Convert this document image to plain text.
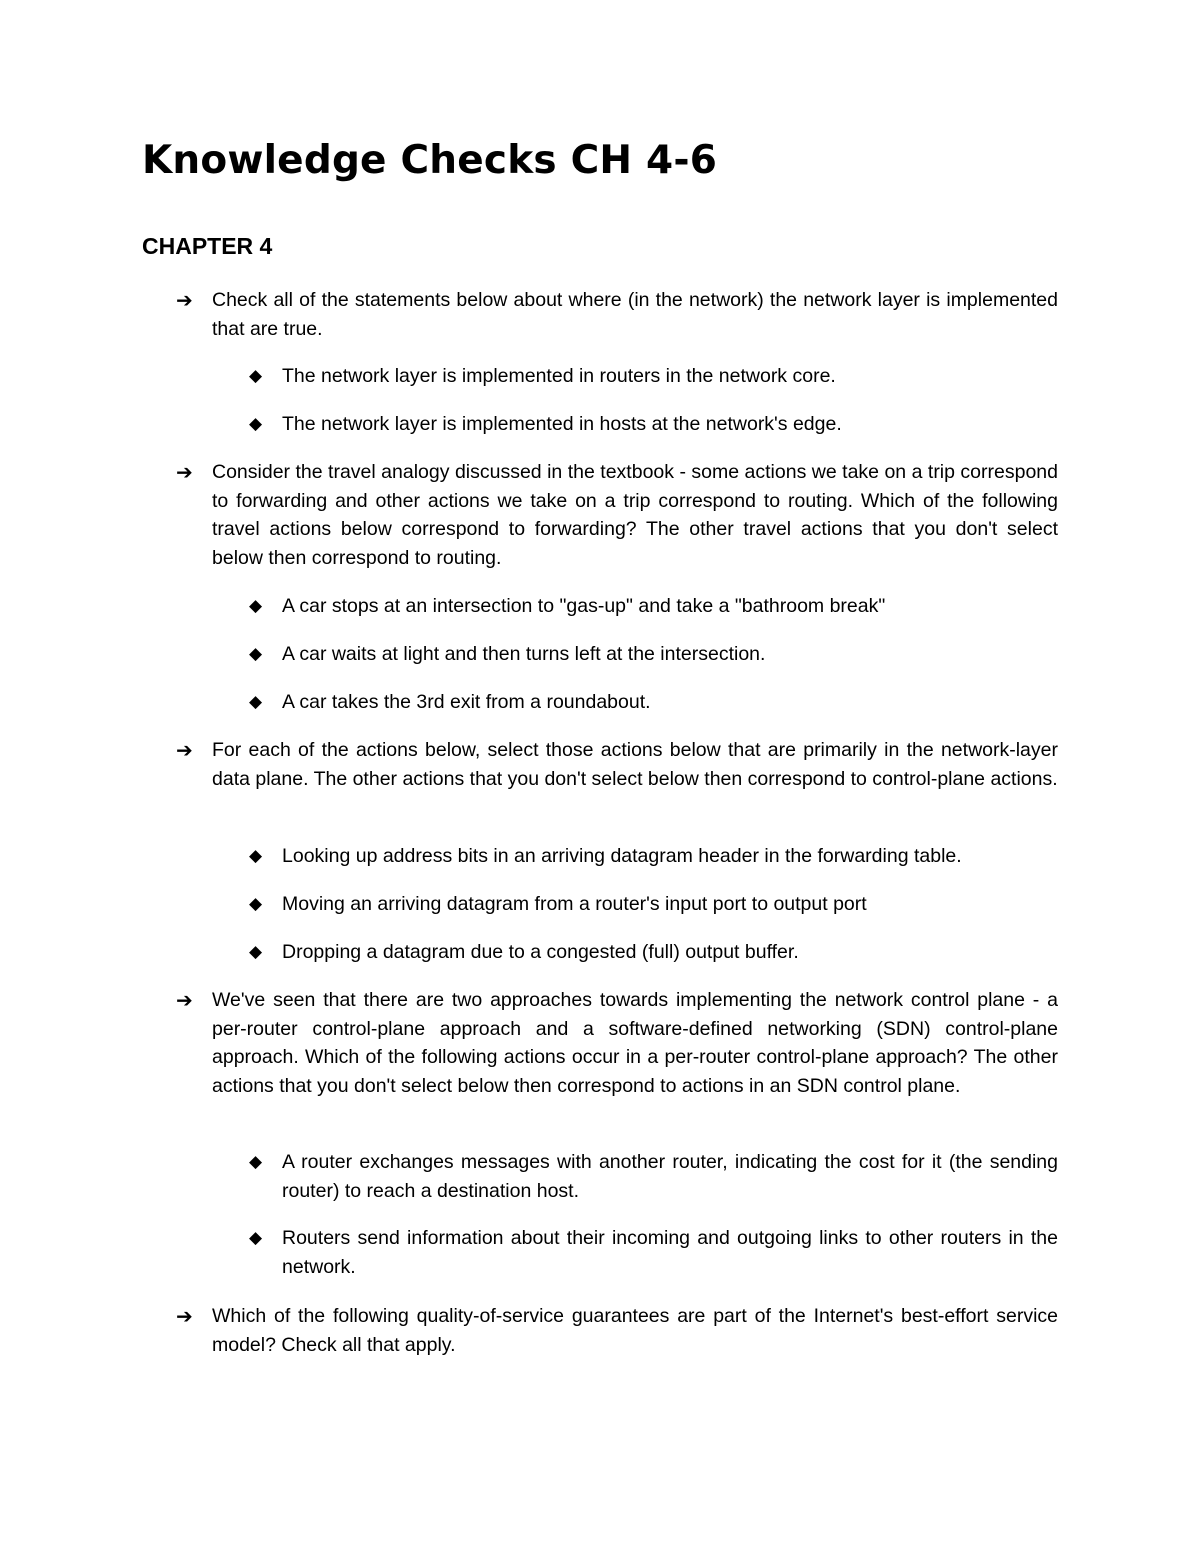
Knowledge Checks CH 4-6
CHAPTER 4
➔ Check all of the statements below about where (in the network) the network layer is implemented that are true.
◆ The network layer is implemented in routers in the network core.
◆ The network layer is implemented in hosts at the network's edge.
➔ Consider the travel analogy discussed in the textbook - some actions we take on a trip correspond to forwarding and other actions we take on a trip correspond to routing. Which of the following travel actions below correspond to forwarding? The other travel actions that you don't select below then correspond to routing.
◆ A car stops at an intersection to "gas-up" and take a "bathroom break"
◆ A car waits at light and then turns left at the intersection.
◆ A car takes the 3rd exit from a roundabout.
➔ For each of the actions below, select those actions below that are primarily in the network-layer data plane. The other actions that you don't select below then correspond to control-plane actions.
◆ Looking up address bits in an arriving datagram header in the forwarding table.
◆ Moving an arriving datagram from a router's input port to output port
◆ Dropping a datagram due to a congested (full) output buffer.
➔ We've seen that there are two approaches towards implementing the network control plane - a per-router control-plane approach and a software-defined networking (SDN) control-plane approach. Which of the following actions occur in a per-router control-plane approach? The other actions that you don't select below then correspond to actions in an SDN control plane.
◆ A router exchanges messages with another router, indicating the cost for it (the sending router) to reach a destination host.
◆ Routers send information about their incoming and outgoing links to other routers in the network.
➔ Which of the following quality-of-service guarantees are part of the Internet's best-effort service model? Check all that apply.
